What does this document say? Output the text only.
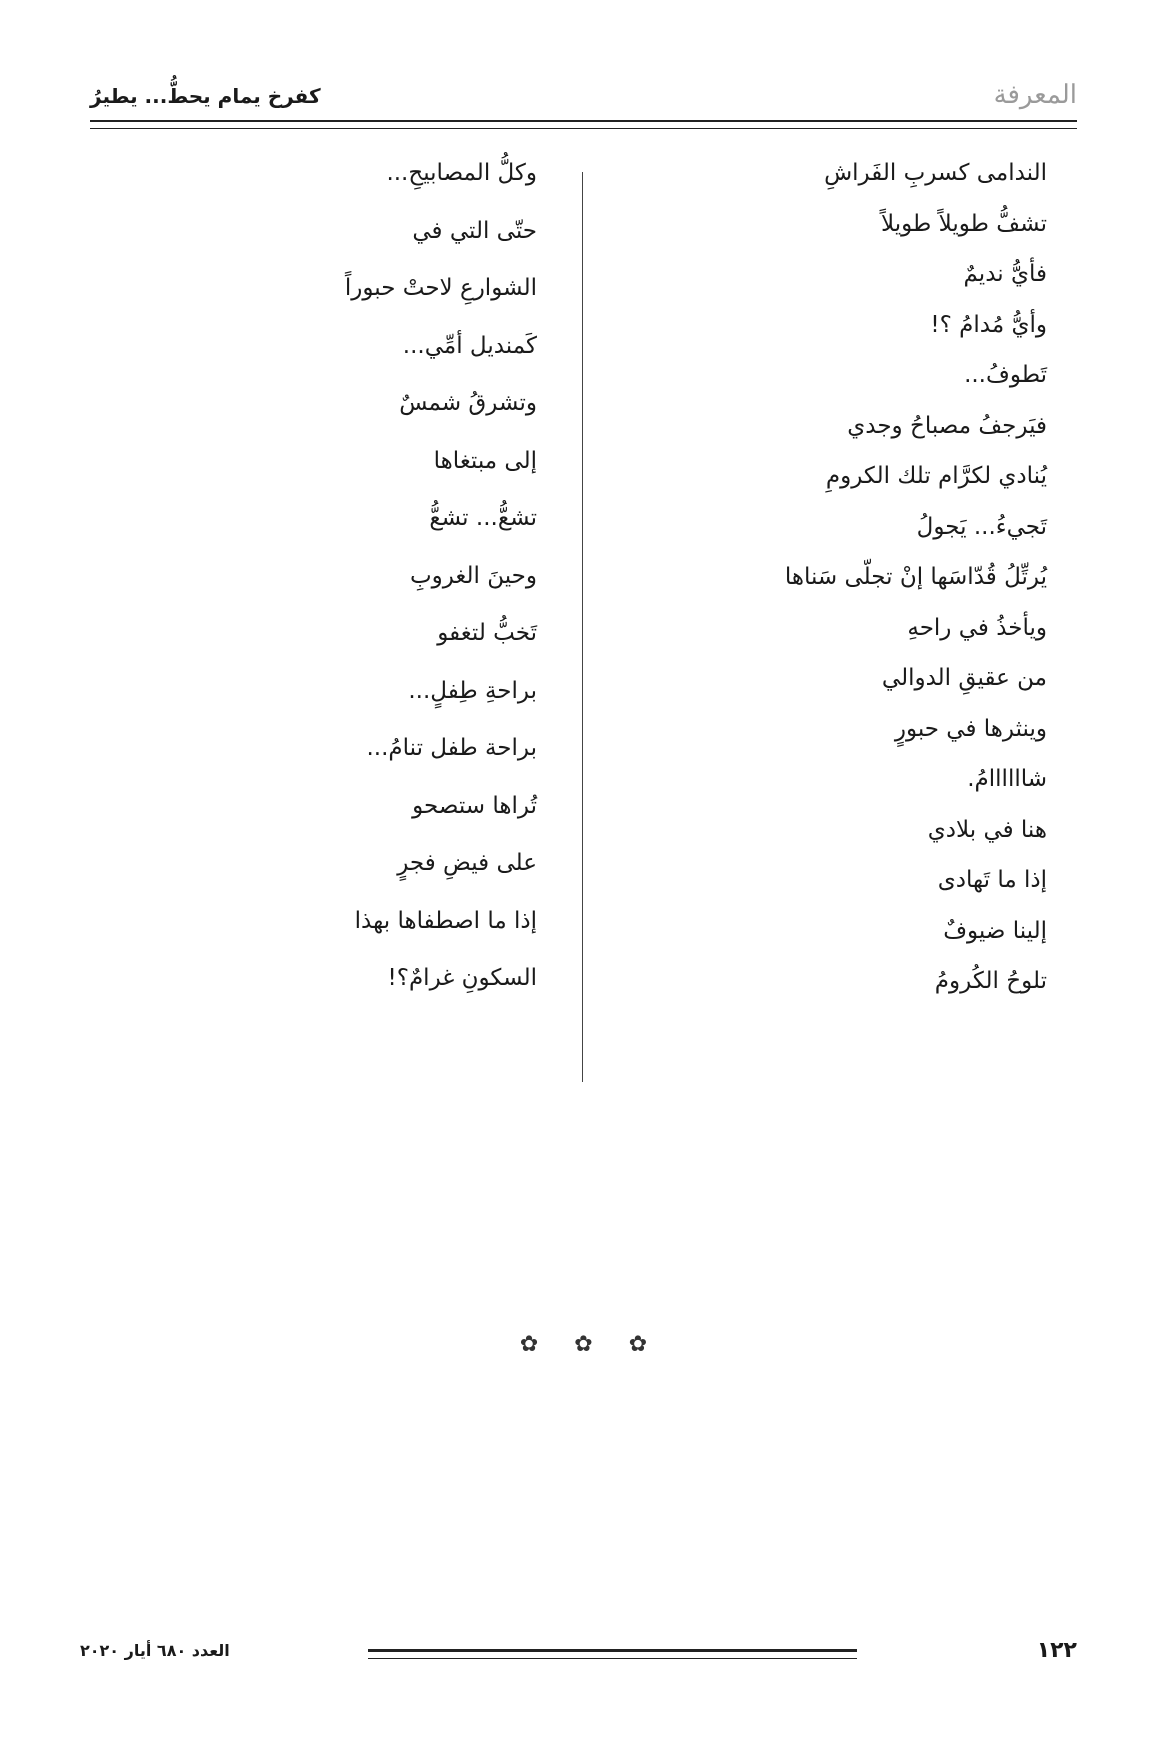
المعرفة
كفرخ يمام يحطُّ... يطيرُ
الندامى كسربِ الفَراشِ
تشفُّ طويلاً طويلاً
فأيُّ نديمٌ
وأيُّ مُدامُ ؟!
تَطوفُ...
فيَرجفُ مصباحُ وجدي
يُنادي لكرَّام تلك الكرومِ
تَجيءُ... يَجولُ
يُرتِّلُ قُدّاسَها إنْ تجلّى سَناها
ويأخذُ في راحهِ
من عقيقِ الدوالي
وينثرها في حبورٍ
شاااااامُ.
هنا في بلادي
إذا ما تَهادى
إلينا ضيوفٌ
تلوحُ الكُرومُ
وكلُّ المصابيحِ...
حتّى التي في
الشوارعِ لاحتْ حبوراً
كَمنديل أمِّي...
وتشرقُ شمسٌ
إلى مبتغاها
تشعُّ... تشعُّ
وحينَ الغروبِ
تَخبُّ لتغفو
براحةِ طِفلٍ...
براحة طفل تنامُ...
تُراها ستصحو
على فيضِ فجرٍ
إذا ما اصطفاها بهذا
السكونِ غرامٌ؟!
✿ ✿ ✿
١٢٢
العدد ٦٨٠ أيار ٢٠٢٠
